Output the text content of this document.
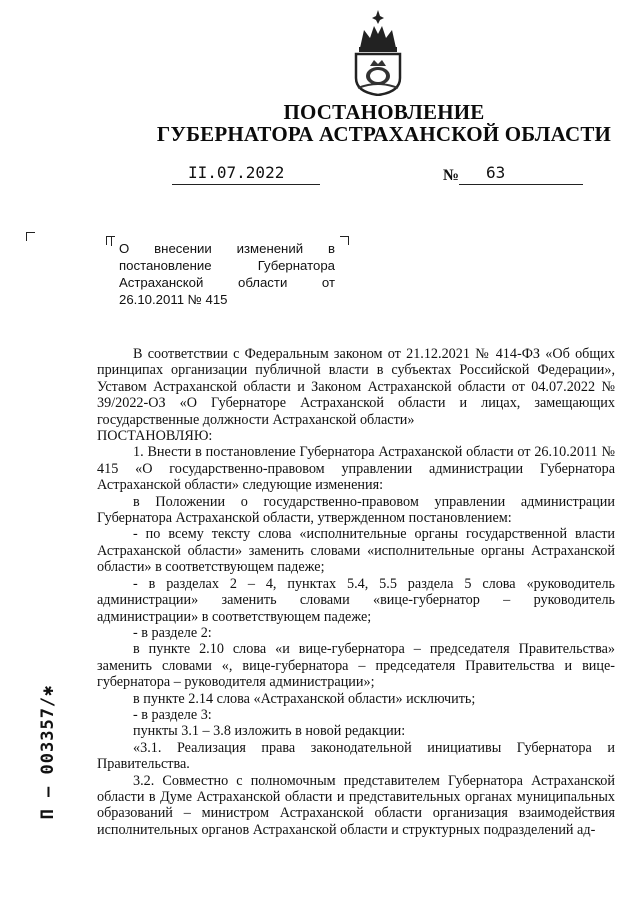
ПОСТАНОВЛЕНИЕ
ГУБЕРНАТОРА АСТРАХАНСКОЙ ОБЛАСТИ
II.07.2022	№ 63
О внесении изменений в постановление Губернатора Астраханской области от 26.10.2011 № 415

В соответствии с Федеральным законом от 21.12.2021 № 414-ФЗ «Об общих принципах организации публичной власти в субъектах Российской Федерации», Уставом Астраханской области и Законом Астраханской области от 04.07.2022 № 39/2022-ОЗ «О Губернаторе Астраханской области и лицах, замещающих государственные должности Астраханской области»

ПОСТАНОВЛЯЮ:

1. Внести в постановление Губернатора Астраханской области от 26.10.2011 № 415 «О государственно-правовом управлении администрации Губернатора Астраханской области» следующие изменения:

в Положении о государственно-правовом управлении администрации Губернатора Астраханской области, утвержденном постановлением:

- по всему тексту слова «исполнительные органы государственной власти Астраханской области» заменить словами «исполнительные органы Астраханской области» в соответствующем падеже;

- в разделах 2 – 4, пунктах 5.4, 5.5 раздела 5 слова «руководитель администрации» заменить словами «вице-губернатор – руководитель администрации» в соответствующем падеже;

- в разделе 2:

в пункте 2.10 слова «и вице-губернатора – председателя Правительства» заменить словами «, вице-губернатора – председателя Правительства и вице-губернатора – руководителя администрации»;

в пункте 2.14 слова «Астраханской области» исключить;

- в разделе 3:

пункты 3.1 – 3.8 изложить в новой редакции:

«3.1. Реализация права законодательной инициативы Губернатора и Правительства.

3.2. Совместно с полномочным представителем Губернатора Астраханской области в Думе Астраханской области и представительных органах муниципальных образований – министром Астраханской области организация взаимодействия исполнительных органов Астраханской области и структурных подразделений ад-

П – 003357/✱
